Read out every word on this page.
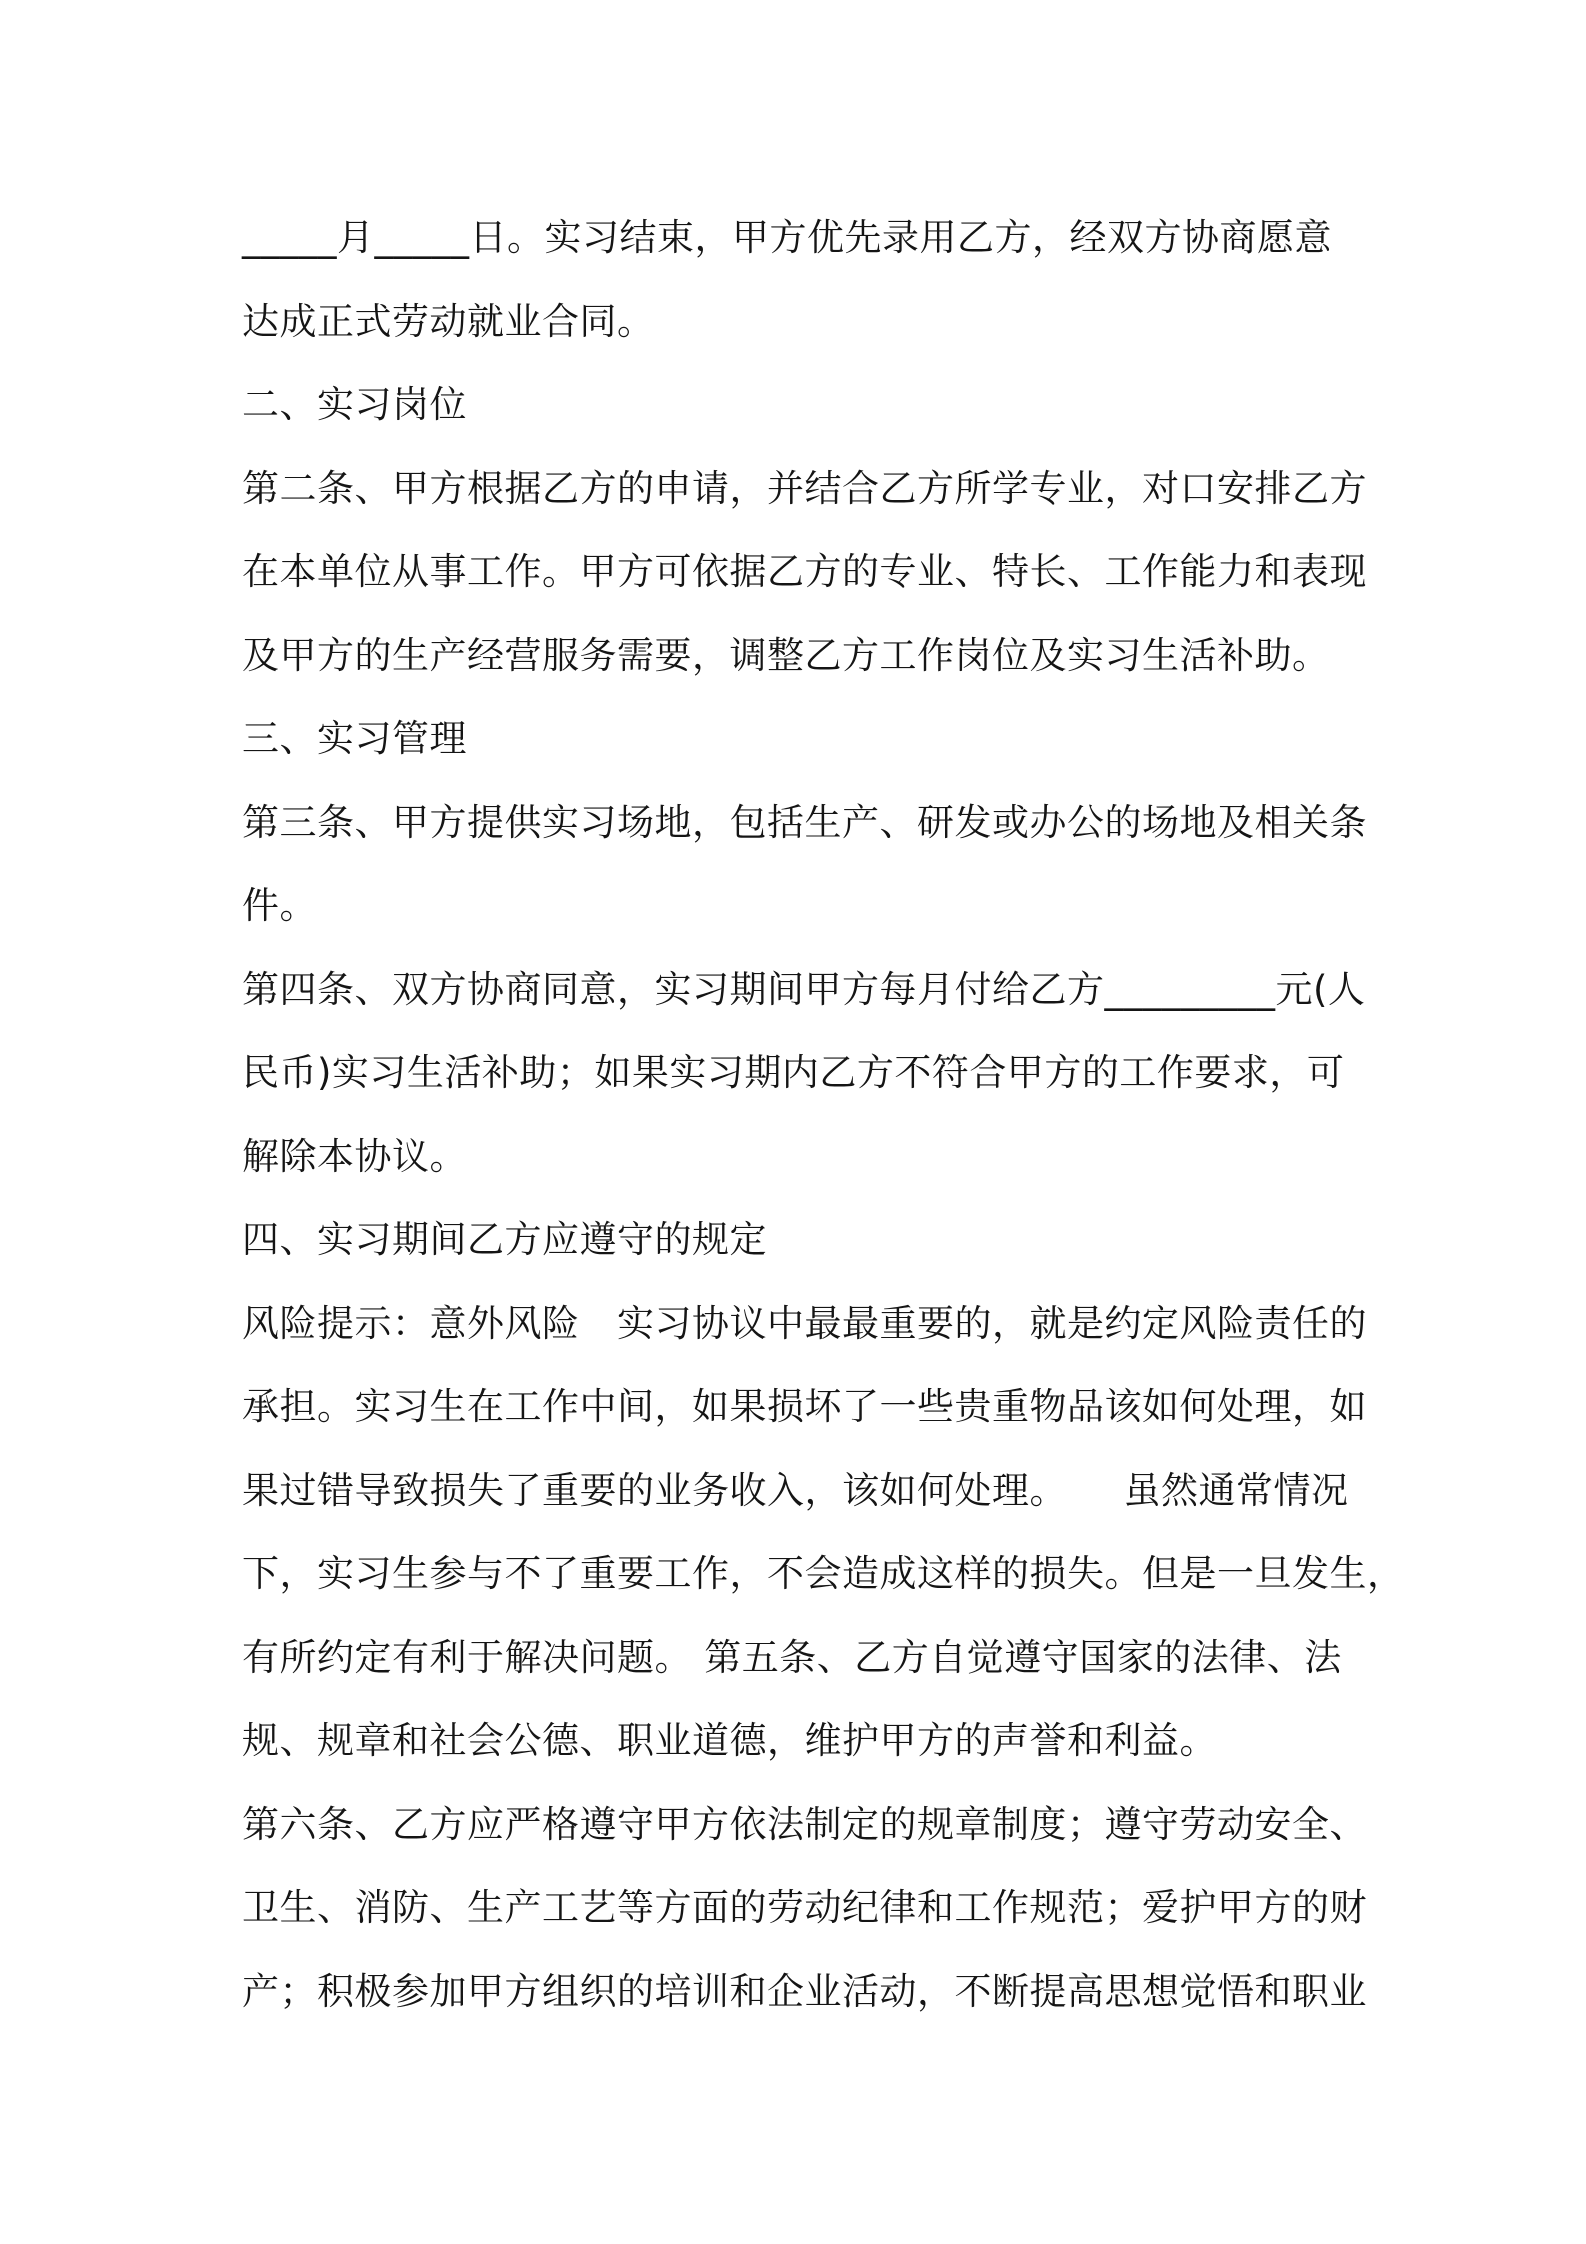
_____月_____日。实习结束，甲方优先录用乙方，经双方协商愿意
达成正式劳动就业合同。
二、实习岗位
第二条、甲方根据乙方的申请，并结合乙方所学专业，对口安排乙方
在本单位从事工作。甲方可依据乙方的专业、特长、工作能力和表现
及甲方的生产经营服务需要，调整乙方工作岗位及实习生活补助。
三、实习管理
第三条、甲方提供实习场地，包括生产、研发或办公的场地及相关条
件。
第四条、双方协商同意，实习期间甲方每月付给乙方_________元(人
民币)实习生活补助；如果实习期内乙方不符合甲方的工作要求，可
解除本协议。
四、实习期间乙方应遵守的规定
风险提示：意外风险　实习协议中最最重要的，就是约定风险责任的
承担。实习生在工作中间，如果损坏了一些贵重物品该如何处理，如
果过错导致损失了重要的业务收入，该如何处理。　　虽然通常情况
下，实习生参与不了重要工作，不会造成这样的损失。但是一旦发生，
有所约定有利于解决问题。 第五条、乙方自觉遵守国家的法律、法
规、规章和社会公德、职业道德，维护甲方的声誉和利益。
第六条、乙方应严格遵守甲方依法制定的规章制度；遵守劳动安全、
卫生、消防、生产工艺等方面的劳动纪律和工作规范；爱护甲方的财
产；积极参加甲方组织的培训和企业活动，不断提高思想觉悟和职业
